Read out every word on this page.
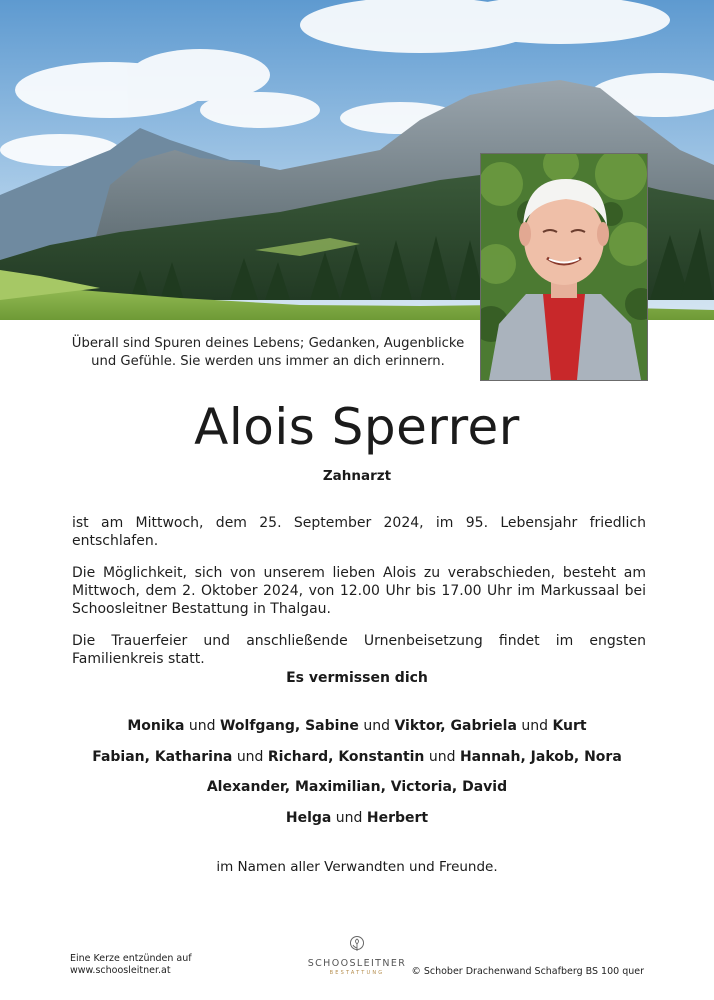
Überall sind Spuren deines Lebens; Gedanken, Augenblicke und Gefühle. Sie werden uns immer an dich erinnern.
Alois Sperrer
Zahnarzt

ist am Mittwoch, dem 25. September 2024, im 95. Lebensjahr friedlich entschlafen.

Die Möglichkeit, sich von unserem lieben Alois zu verabschieden, besteht am Mittwoch, dem 2. Oktober 2024, von 12.00 Uhr bis 17.00 Uhr im Markussaal bei Schoosleitner Bestattung in Thalgau.

Die Trauerfeier und anschließende Urnenbeisetzung findet im engsten Familienkreis statt.

Es vermissen dich
Monika und Wolfgang, Sabine und Viktor, Gabriela und Kurt
Fabian, Katharina und Richard, Konstantin und Hannah, Jakob, Nora
Alexander, Maximilian, Victoria, David
Helga und Herbert
im Namen aller Verwandten und Freunde.
Eine Kerze entzünden auf
www.schoosleitner.at
SCHOOSLEITNER
BESTATTUNG	© Schober Drachenwand Schafberg BS 100 quer
